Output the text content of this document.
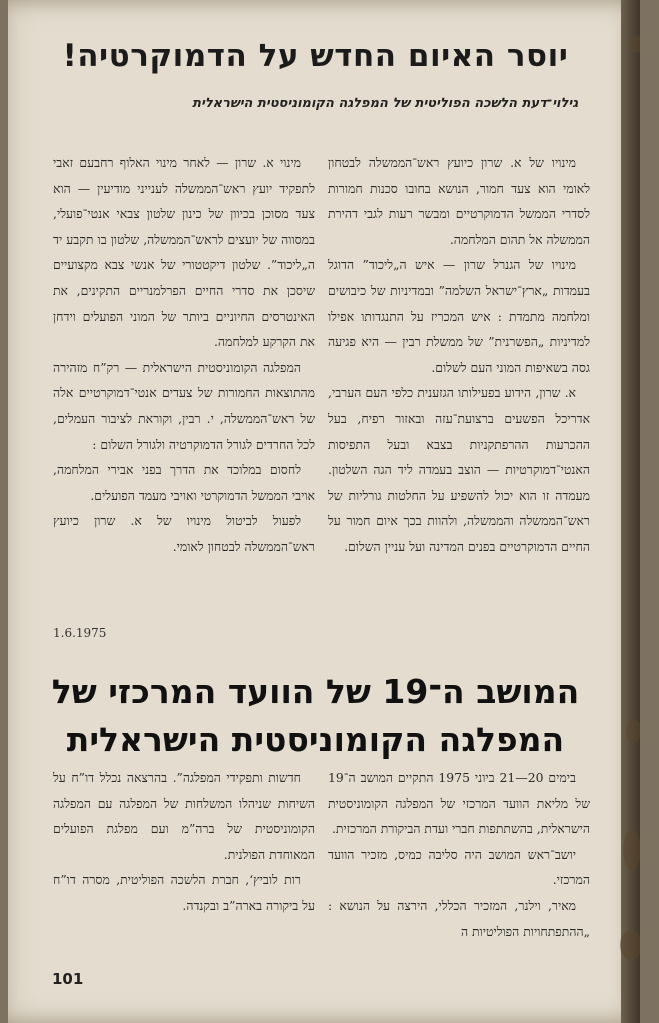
יוסר האיום החדש על הדמוקרטיה!
גילוי־דעת הלשכה הפוליטית של המפלגה הקומוניסטית הישראלית

מינויו של א. שרון כיועץ ראש־הממשלה לבטחון לאומי הוא צעד חמור, הנושא בחובו סכנות חמורות לסדרי הממשל הדמוקרטיים ומבשר רעות לגבי דהירת הממשלה אל תהום המלחמה.

מינויו של הגנרל שרון — איש ה„ליכוד” הדוגל בעמדות „ארץ־ישראל השלמה” ובמדיניות של כיבושים ומלחמה מתמדת : איש המכריז על התנגדותו אפילו למדיניות „הפשרנית” של ממשלת רבין — היא פגיעה גסה בשאיפות המוני העם לשלום.

א. שרון, הידוע בפעילותו הגזענית כלפי העם הערבי, אדריכל הפשעים ברצועת־עזה ובאזור רפיח, בעל ההכרעות ההרפתקניות בצבא ובעל התפיסות האנטי־דמוקרטיות — הוצב בעמדה ליד הגה השלטון. מעמדה זו הוא יכול להשפיע על החלטות גורליות של ראש־הממשלה והממשלה, ולהוות בכך איום חמור על החיים הדמוקרטיים בפנים המדינה ועל עניין השלום.

מינוי א. שרון — לאחר מינוי האלוף רחבעם זאבי לתפקיד יועץ ראש־הממשלה לענייני מודיעין — הוא צעד מסוכן בכיוון של כינון שלטון צבאי אנטי־פועלי, במסווה של יועצים לראש־הממשלה, שלטון בו תקבע יד ה„ליכוד”. שלטון דיקטטורי של אנשי צבא מקצועיים שיסכן את סדרי החיים הפרלמנריים התקינים, את האינטרסים החיוניים ביותר של המוני הפועלים וידחן את הקרקע למלחמה.

המפלגה הקומוניסטית הישראלית — רק”ח מזהירה מהתוצאות החמורות של צעדים אנטי־דמוקרטיים אלה של ראש־הממשלה, י. רבין, וקוראת לציבור העמלים, לכל החרדים לגורל הדמוקרטיה ולגורל השלום :

לחסום במלוכד את הדרך בפני אבירי המלחמה, אויבי הממשל הדמוקרטי ואויבי מעמד הפועלים.

לפעול לביטול מינויו של א. שרון כיועץ ראש־הממשלה לבטחון לאומי.

1.6.1975
המושב ה־19 של הוועד המרכזי של המפלגה הקומוניסטית הישראלית

בימים 20—21 ביוני 1975 התקיים המושב ה־19 של מליאת הוועד המרכזי של המפלגה הקומוניסטית הישראלית, בהשתתפות חברי ועדת הביקורת המרכזית.

יושב־ראש המושב היה סליבה כמיס, מזכיר הוועד המרכזי.

מאיר, וילנר, המזכיר הכללי, הירצה על הנושא : „ההתפתחויות הפוליטיות ה

חדשות ותפקידי המפלגה”. בהרצאה נכלל דו”ח על השיחות שניהלו המשלחות של המפלגה עם המפלגה הקומוניסטית של ברה”מ ועם מפלגת הפועלים המאוחדת הפולנית.

רות לוביץ‘, חברת הלשכה הפוליטית, מסרה דו”ח על ביקורה בארה”ב ובקנדה.

101
